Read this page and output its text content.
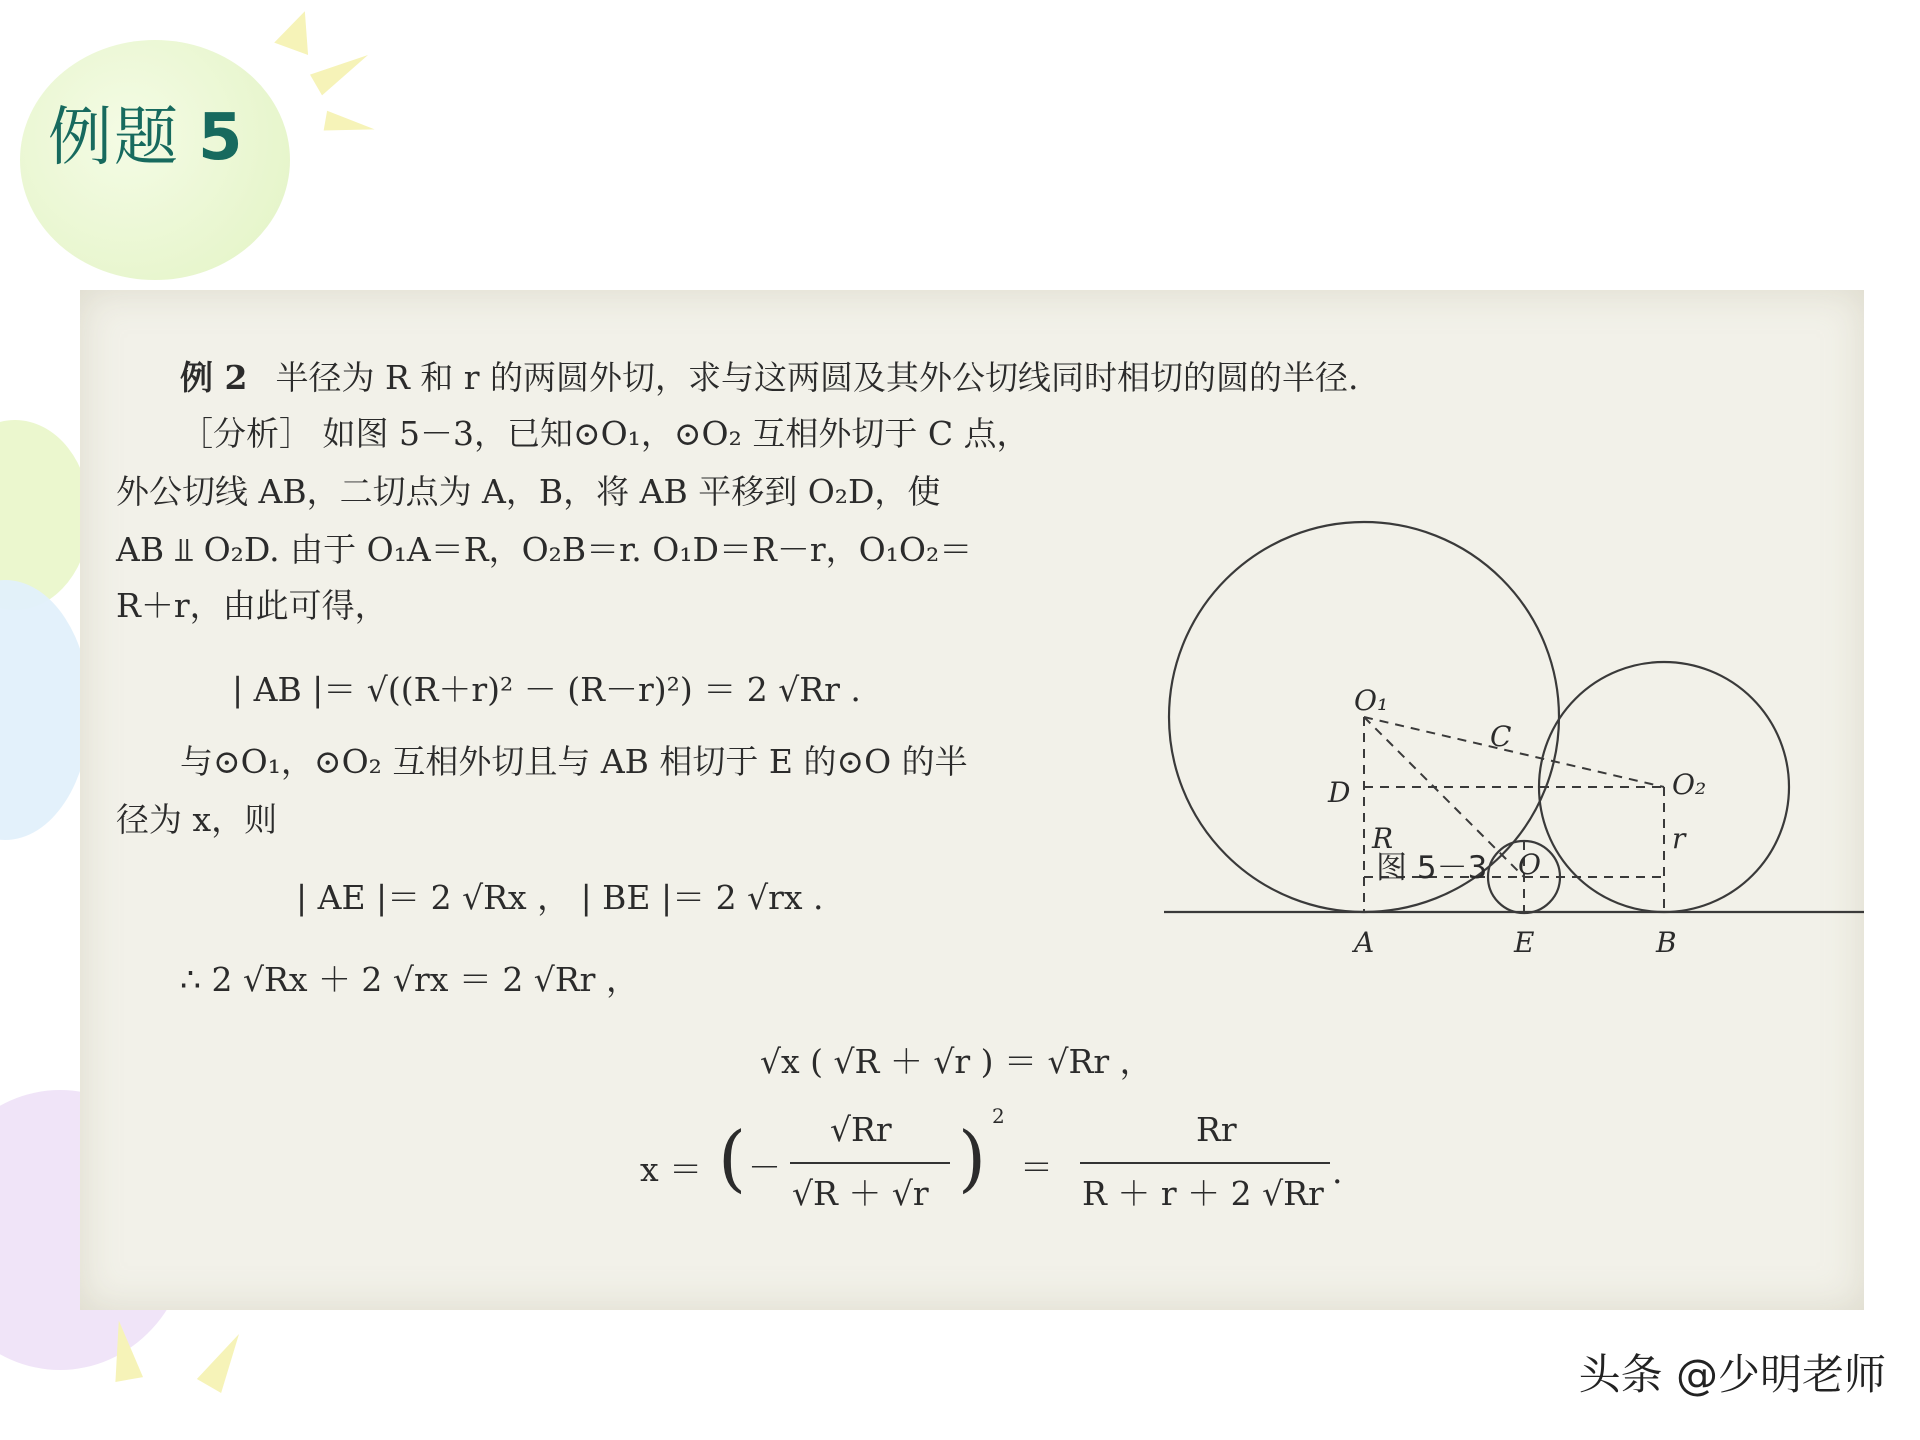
例题 5
例 2 半径为 R 和 r 的两圆外切，求与这两圆及其外公切线同时相切的圆的半径.
［分析］ 如图 5－3，已知⊙O₁，⊙O₂ 互相外切于 C 点，
外公切线 AB，二切点为 A，B，将 AB 平移到 O₂D，使
AB ⫫ O₂D. 由于 O₁A＝R，O₂B＝r. O₁D＝R－r，O₁O₂＝
R＋r，由此可得，
| AB |＝ √((R＋r)² － (R－r)²) ＝ 2 √Rr .
与⊙O₁，⊙O₂ 互相外切且与 AB 相切于 E 的⊙O 的半
径为 x，则
| AE |＝ 2 √Rx ， | BE |＝ 2 √rx .
∴ 2 √Rx ＋ 2 √rx ＝ 2 √Rr ，
√x ( √R ＋ √r ) ＝ √Rr ，
x ＝ ( －
√Rr
√R ＋ √r ) 2
＝
Rr
R ＋ r ＋ 2 √Rr
.
O₁
O₂
C
D
R	r
O
A	E	B
图 5－3
头条 @少明老师
